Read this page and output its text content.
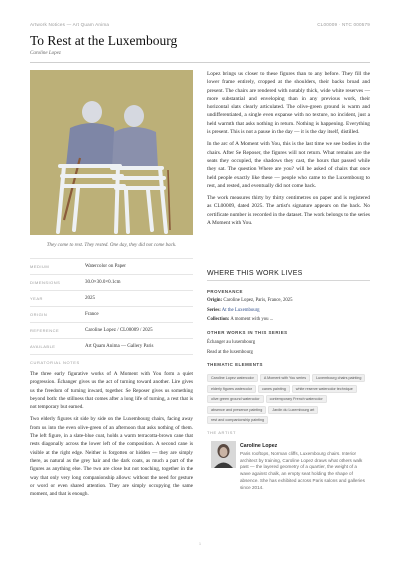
Artwork Notices — Art Quam Anima	CL00009 · NTC 000579
To Rest at the Luxembourg
Caroline Lopez
They come to rest. They rested. One day, they did not come back.
MEDIUM	Watercolor on Paper
DIMENSIONS	30.0×30.0×0.1cm
YEAR	2025
ORIGIN	France
REFERENCE	Caroline Lopez / CL00009 / 2025
AVAILABLE	Art Quam Anima — Gallery Paris
CURATORIAL NOTES

The three early figurative works of A Moment with You form a quiet progression. Échanger gives us the act of turning toward another. Lire gives us the freedom of turning inward, together. Se Reposer gives us something beyond both: the stillness that comes after a long life of turning, a rest that is not temporary but earned.

Two elderly figures sit side by side on the Luxembourg chairs, facing away from us into the even olive-green of an afternoon that asks nothing of them. The left figure, in a slate-blue coat, holds a warm terracotta-brown cane that rests diagonally across the lower left of the composition. A second cane is visible at the right edge. Neither is forgotten or hidden — they are simply there, as natural as the grey hair and the dark coats, as much a part of the figures as anything else. The two are close but not touching, together in the way that only very long companionship allows: without the need for gesture or word or even shared attention. They are simply occupying the same moment, and that is enough.

Lopez brings us closer to these figures than to any before. They fill the lower frame entirely, cropped at the shoulders, their backs broad and present. The chairs are rendered with notably thick, wide white reserves — more substantial and enveloping than in any previous work, their horizontal slats clearly articulated. The olive-green ground is warm and undifferentiated, a single even expanse with no texture, no incident, just a held warmth that asks nothing in return. Nothing is happening. Everything is present. This is not a pause in the day — it is the day itself, distilled.

In the arc of A Moment with You, this is the last time we see bodies in the chairs. After Se Reposer, the figures will not return. What remains are the seats they occupied, the shadows they cast, the hours that passed while they sat. The question Where are you? will be asked of chairs that once held people exactly like these — people who came to the Luxembourg to rest, and rested, and eventually did not come back.

The work measures thirty by thirty centimetres on paper and is registered as CL00009, dated 2025. The artist's signature appears on the back. No certificate number is recorded in the dataset. The work belongs to the series A Moment with You.

WHERE THIS WORK LIVES
PROVENANCE
Origin: Caroline Lopez, Paris, France, 2025
Series: At the Luxembourg
Collection: A moment with you ...
OTHER WORKS IN THIS SERIES
Échanger au luxembourg
Read at the luxembourg
THEMATIC ELEMENTS
Caroline Lopez watercolor	A Moment with You series	Luxembourg chairs painting
elderly figures watercolor	canes painting	white reserve watercolor technique
olive green ground watercolor	contemporary French watercolor
absence and presence painting	Jardin du Luxembourg art
rest and companionship painting
THE ARTIST
Caroline Lopez
Paris rooftops, Norman cliffs, Luxembourg chairs. Interior architect by training, Caroline Lopez draws what others walk past — the layered geometry of a quartier, the weight of a wave against chalk, an empty seat holding the shape of absence. She has exhibited across Paris salons and galleries since 2014.
1
